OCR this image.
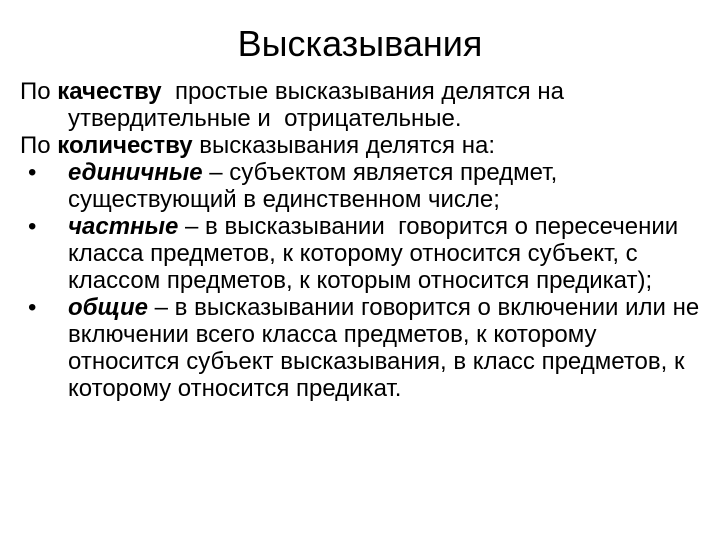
Высказывания

По качеству  простые высказывания делятся на утвердительные и  отрицательные.

По количеству высказывания делятся на:

• единичные – субъектом является предмет, существующий в единственном числе;
• частные – в высказывании  говорится о пересечении класса предметов, к которому относится субъект, с классом предметов, к которым относится предикат);
• общие – в высказывании говорится о включении или не включении всего класса предметов, к которому относится субъект высказывания, в класс предметов, к которому относится предикат.
